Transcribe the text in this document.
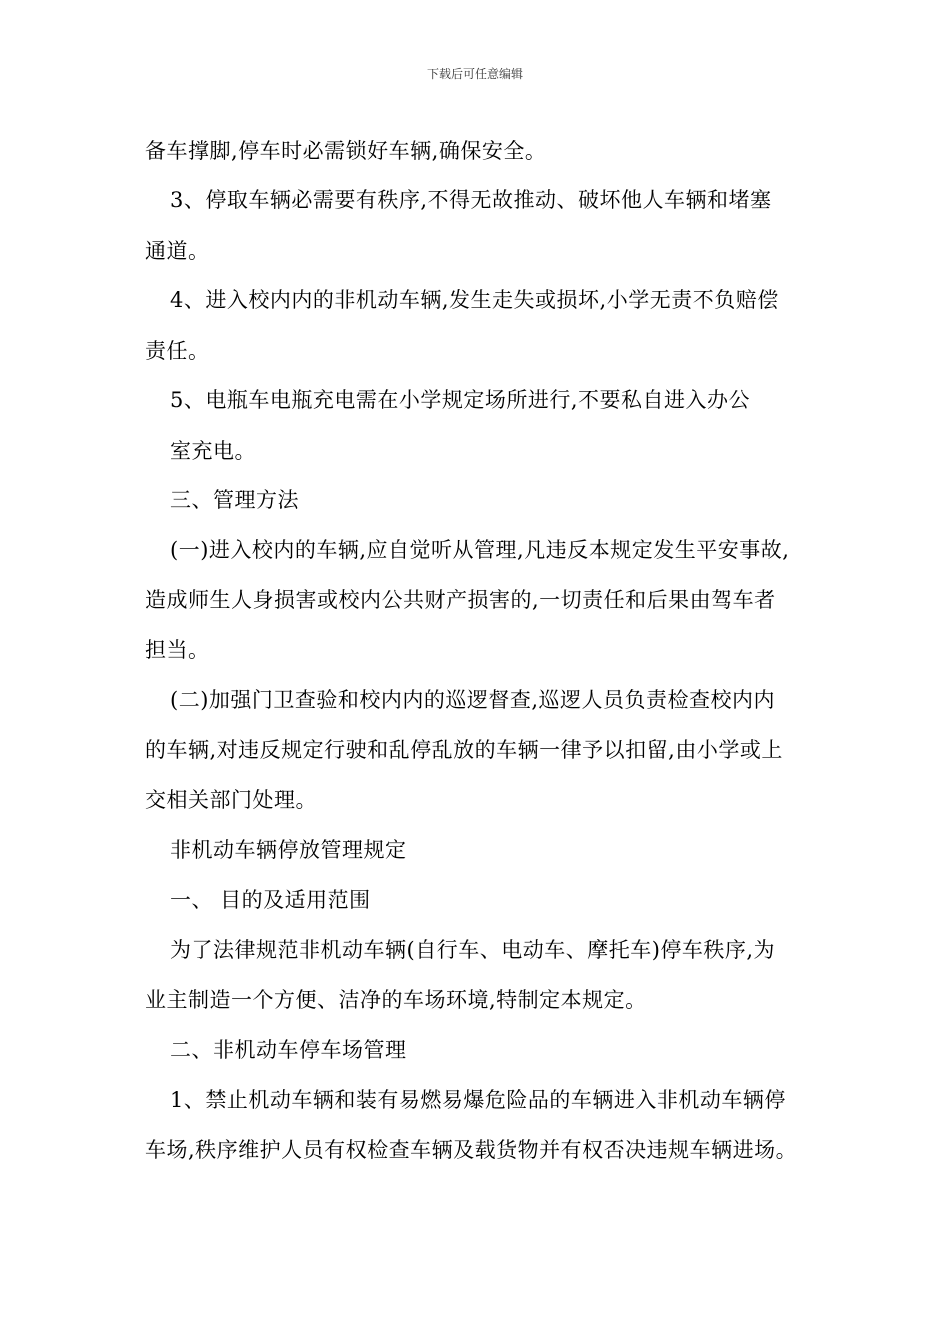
下载后可任意编辑
备车撑脚,停车时必需锁好车辆,确保安全。
3、停取车辆必需要有秩序,不得无故推动、破坏他人车辆和堵塞
通道。
4、进入校内内的非机动车辆,发生走失或损坏,小学无责不负赔偿
责任。
5、电瓶车电瓶充电需在小学规定场所进行,不要私自进入办公
室充电。
三、管理方法
(一)进入校内的车辆,应自觉听从管理,凡违反本规定发生平安事故,
造成师生人身损害或校内公共财产损害的,一切责任和后果由驾车者
担当。
(二)加强门卫查验和校内内的巡逻督查,巡逻人员负责检查校内内
的车辆,对违反规定行驶和乱停乱放的车辆一律予以扣留,由小学或上
交相关部门处理。
非机动车辆停放管理规定
一、 目的及适用范围
为了法律规范非机动车辆(自行车、电动车、摩托车)停车秩序,为
业主制造一个方便、洁净的车场环境,特制定本规定。
二、非机动车停车场管理
1、禁止机动车辆和装有易燃易爆危险品的车辆进入非机动车辆停
车场,秩序维护人员有权检查车辆及载货物并有权否决违规车辆进场。
